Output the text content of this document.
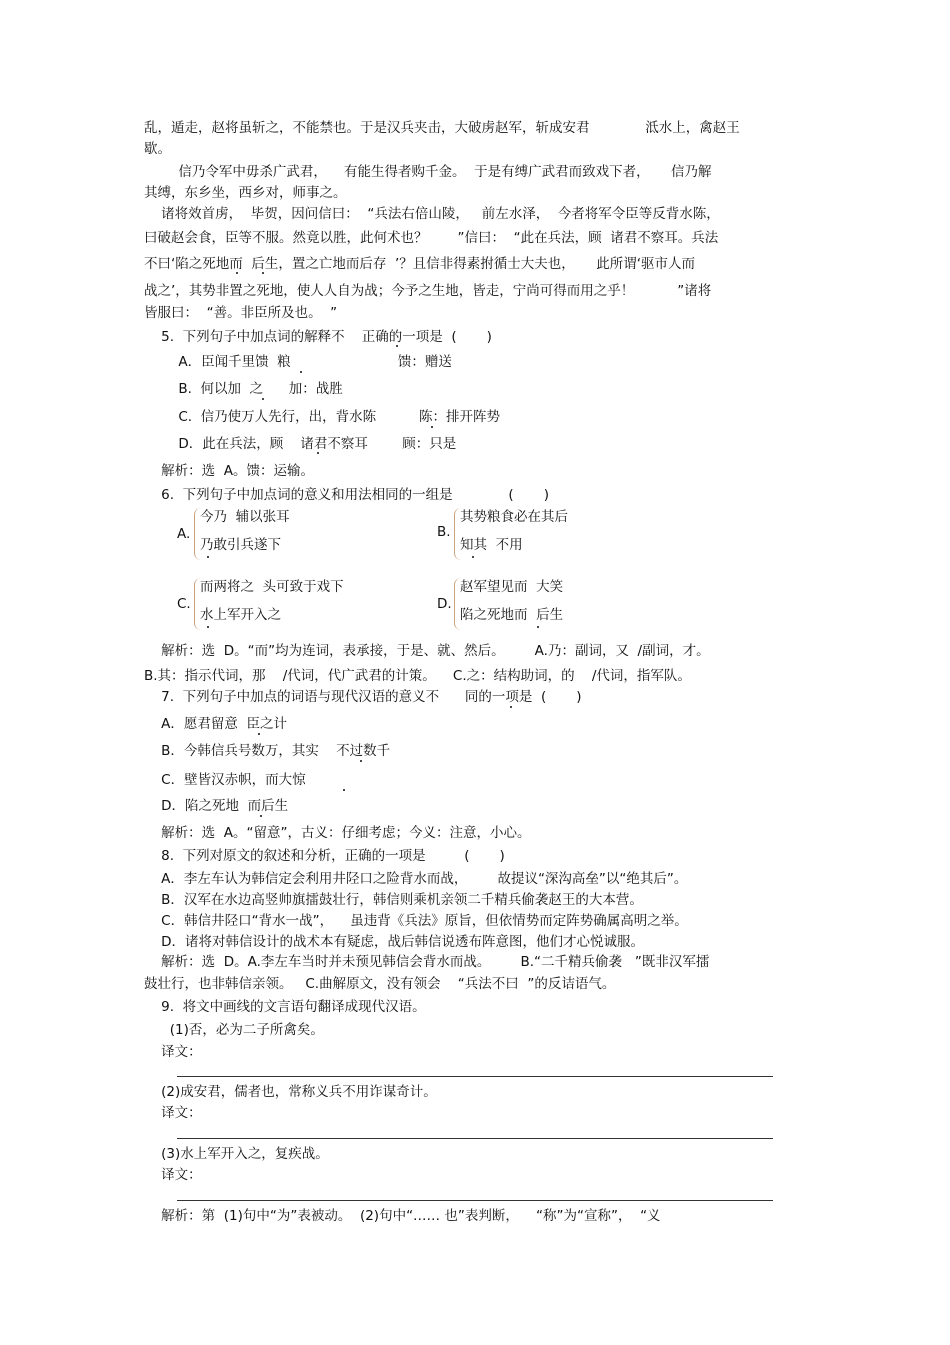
乱，遁走，赵将虽斩之，不能禁也。于是汉兵夹击，大破虏赵军，斩成安君             泜水上，禽赵王
歇。
信乃令军中毋杀广武君，    有能生得者购千金。  于是有缚广武君而致戏下者，     信乃解
其缚，东乡坐，西乡对，师事之。
诸将效首虏，  毕贺，因问信曰：  “兵法右倍山陵，   前左水泽，  今者将军令臣等反背水陈，
曰破赵会食，臣等不服。然竟以胜，此何术也？       ”信曰：  “此在兵法，顾  诸君不察耳。兵法
不曰‘陷之死地而  后生，置之亡地而后存  ’？且信非得素拊循士大夫也，     此所谓‘驱市人而
战之’，其势非置之死地，使人人自为战；今予之生地，皆走，宁尚可得而用之乎！          ”诸将
皆服曰：  “善。非臣所及也。  ”
5.  下列句子中加点词的解释不    正确的一项是  (       )
A．臣闻千里馈  粮                         馈：赠送
B.  何以加  之      加：战胜
C.  信乃使万人先行，出，背水陈          陈：排开阵势
D．此在兵法，顾    诸君不察耳        顾：只是
解析：选  A。馈：运输。
6.  下列句子中加点词的意义和用法相同的一组是             (       )
A.
今乃  辅以张耳
乃敢引兵遂下
B.
其势粮食必在其后
知其  不用
C.
而两将之  头可致于戏下
水上军开入之
D.
赵军望见而  大笑
陷之死地而  后生
解析：选  D。“而”均为连词，表承接，于是、就、然后。       A.乃：副词，又  /副词，才。
B.其：指示代词，那    /代词，代广武君的计策。    C.之：结构助词，的    /代词，指军队。
7.  下列句子中加点的词语与现代汉语的意义不      同的一项是  (       )
A．愿君留意  臣之计
B．今韩信兵号数万，其实    不过数千
C．壁皆汉赤帜，而大惊
D．陷之死地  而后生
解析：选  A。“留意”，古义：仔细考虑；今义：注意，小心。
8.  下列对原文的叙述和分析，正确的一项是         (       )
A．李左车认为韩信定会利用井陉口之险背水而战，       故提议“深沟高垒”以“绝其后”。
B．汉军在水边高竖帅旗擂鼓壮行，韩信则乘机亲领二千精兵偷袭赵王的大本营。
C．韩信井陉口“背水一战”，    虽违背《兵法》原旨，但依情势而定阵势确属高明之举。
D．诸将对韩信设计的战术本有疑虑，战后韩信说透布阵意图，他们才心悦诚服。
解析：选  D。A.李左车当时并未预见韩信会背水而战。       B.“二千精兵偷袭   ”既非汉军擂
鼓壮行，也非韩信亲领。   C.曲解原文，没有领会    “兵法不曰  ”的反诘语气。
9.  将文中画线的文言语句翻译成现代汉语。
(1)否，必为二子所禽矣。
译文：
(2)成安君，儒者也，常称义兵不用诈谋奇计。
译文：
(3)水上军开入之，复疾战。
译文：
解析：第  (1)句中“为”表被动。  (2)句中“…… 也”表判断，    “称”为“宣称”，  “义
